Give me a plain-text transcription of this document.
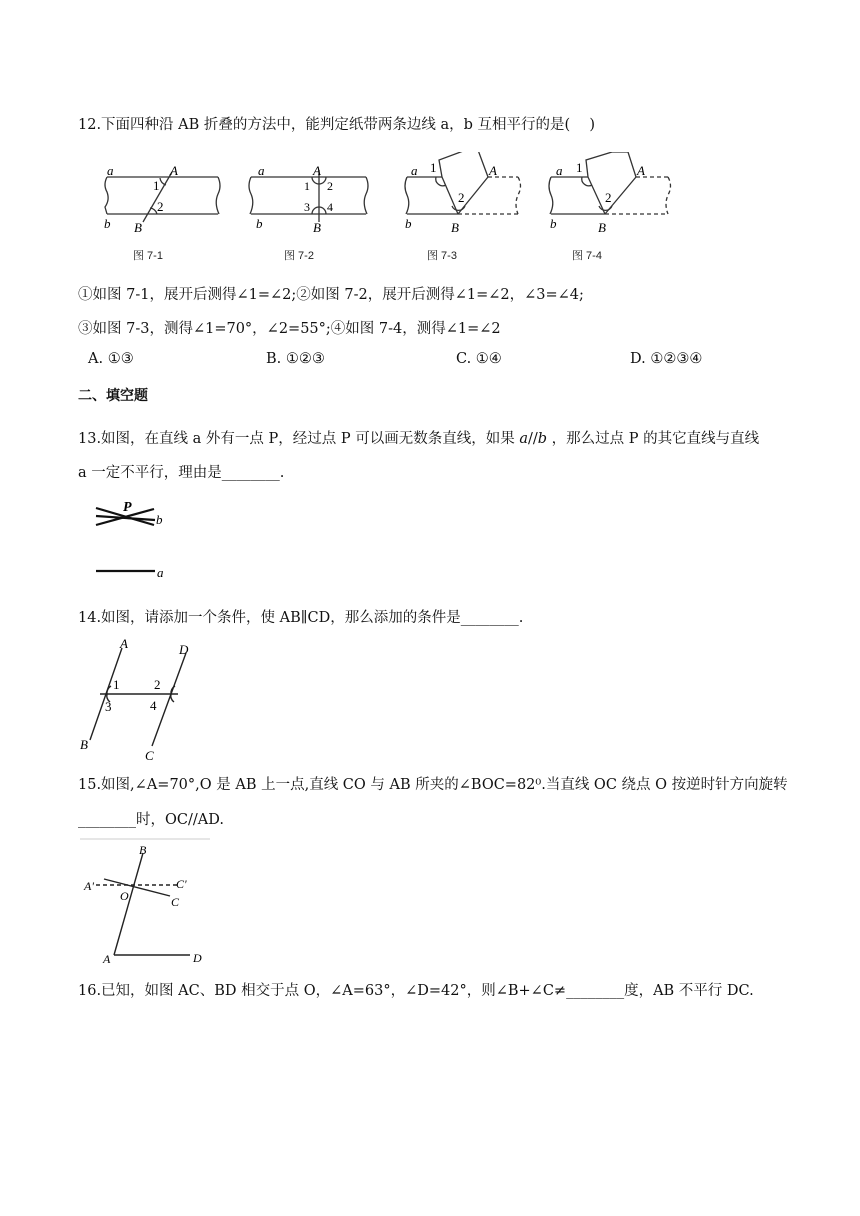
12.下面四种沿 AB 折叠的方法中，能判定纸带两条边线 a，b 互相平行的是(　 )
a	A
1
2
b B
图 7-1
a	A
1 2
3 4
b	B
图 7-2
a 1	A
2
b	B
图 7-3
a 1	A
2
b	B
图 7-4
①如图 7-1，展开后测得∠1=∠2;②如图 7-2，展开后测得∠1=∠2，∠3=∠4;
③如图 7-3，测得∠1=70°，∠2=55°;④如图 7-4，测得∠1=∠2
A. ①③	B. ①②③	C. ①④	D. ①②③④
二、填空题
13.如图，在直线 a 外有一点 P，经过点 P 可以画无数条直线，如果 𝑎//𝑏 ，那么过点 P 的其它直线与直线
a 一定不平行，理由是________.
P
b
a
14.如图，请添加一个条件，使 AB∥CD，那么添加的条件是________.
A	D
1	2
3	4
B
C
15.如图,∠A=70°,O 是 AB 上一点,直线 CO 与 AB 所夹的∠BOC=82⁰.当直线 OC 绕点 O 按逆时针方向旋转
________时，OC//AD.
B
A'	C'
O	C
A	D
16.已知，如图 AC、BD 相交于点 O，∠A=63°，∠D=42°，则∠B+∠C≠________度，AB 不平行 DC.
